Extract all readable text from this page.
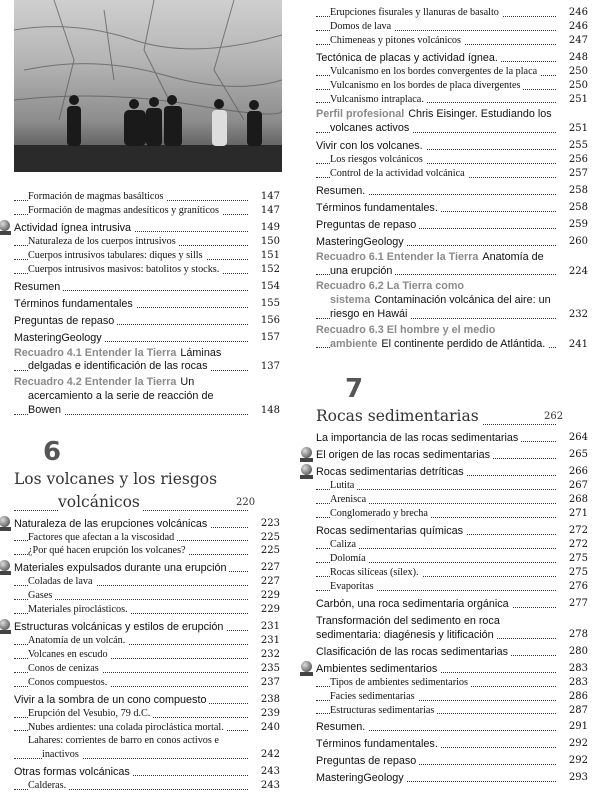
Formación de magmas basálticos	147
Formación de magmas andesíticos y graníticos	147
Actividad ígnea intrusiva	149
Naturaleza de los cuerpos intrusivos	150
Cuerpos intrusivos tabulares: diques y sills	151
Cuerpos intrusivos masivos: batolitos y stocks.	152
Resumen	154
Términos fundamentales	155
Preguntas de repaso	156
MasteringGeology	157
Recuadro 4.1 Entender la Tierra Láminas delgadas e identificación de las rocas	137
Recuadro 4.2 Entender la Tierra Un acercamiento a la serie de reacción de Bowen	148
6
Los volcanes y los riesgos volcánicos	220
Naturaleza de las erupciones volcánicas	223
Factores que afectan a la viscosidad	225
¿Por qué hacen erupción los volcanes?	225
Materiales expulsados durante una erupción	227
Coladas de lava	227
Gases	229
Materiales piroclásticos.	229
Estructuras volcánicas y estilos de erupción	231
Anatomía de un volcán.	231
Volcanes en escudo	232
Conos de cenizas	235
Conos compuestos.	237
Vivir a la sombra de un cono compuesto	238
Erupción del Vesubio, 79 d.C.	239
Nubes ardientes: una colada piroclástica mortal.	240
Lahares: corrientes de barro en conos activos e inactivos	242
Otras formas volcánicas	243
Calderas.	243
Erupciones fisurales y llanuras de basalto	246
Domos de lava	246
Chimeneas y pitones volcánicos	247
Tectónica de placas y actividad ígnea.	248
Vulcanismo en los bordes convergentes de la placa	250
Vulcanismo en los bordes de placa divergentes	250
Vulcanismo intraplaca.	251
Perfil profesional Chris Eisinger. Estudiando los volcanes activos	251
Vivir con los volcanes.	255
Los riesgos volcánicos	256
Control de la actividad volcánica	257
Resumen.	258
Términos fundamentales.	258
Preguntas de repaso	259
MasteringGeology	260
Recuadro 6.1 Entender la Tierra Anatomía de una erupción	224
Recuadro 6.2 La Tierra como sistema Contaminación volcánica del aire: un riesgo en Hawái	232
Recuadro 6.3 El hombre y el medio ambiente El continente perdido de Atlántida. 241
7
Rocas sedimentarias	262
La importancia de las rocas sedimentarias	264
El origen de las rocas sedimentarias	265
Rocas sedimentarias detríticas	266
Lutita	267
Arenisca	268
Conglomerado y brecha	271
Rocas sedimentarias químicas	272
Caliza	272
Dolomía	275
Rocas silíceas (sílex).	275
Evaporitas	276
Carbón, una roca sedimentaria orgánica	277
Transformación del sedimento en roca sedimentaria: diagénesis y litificación	278
Clasificación de las rocas sedimentarias	280
Ambientes sedimentarios	283
Tipos de ambientes sedimentarios	283
Facies sedimentarias	286
Estructuras sedimentarias	287
Resumen.	291
Términos fundamentales.	292
Preguntas de repaso	292
MasteringGeology	293
